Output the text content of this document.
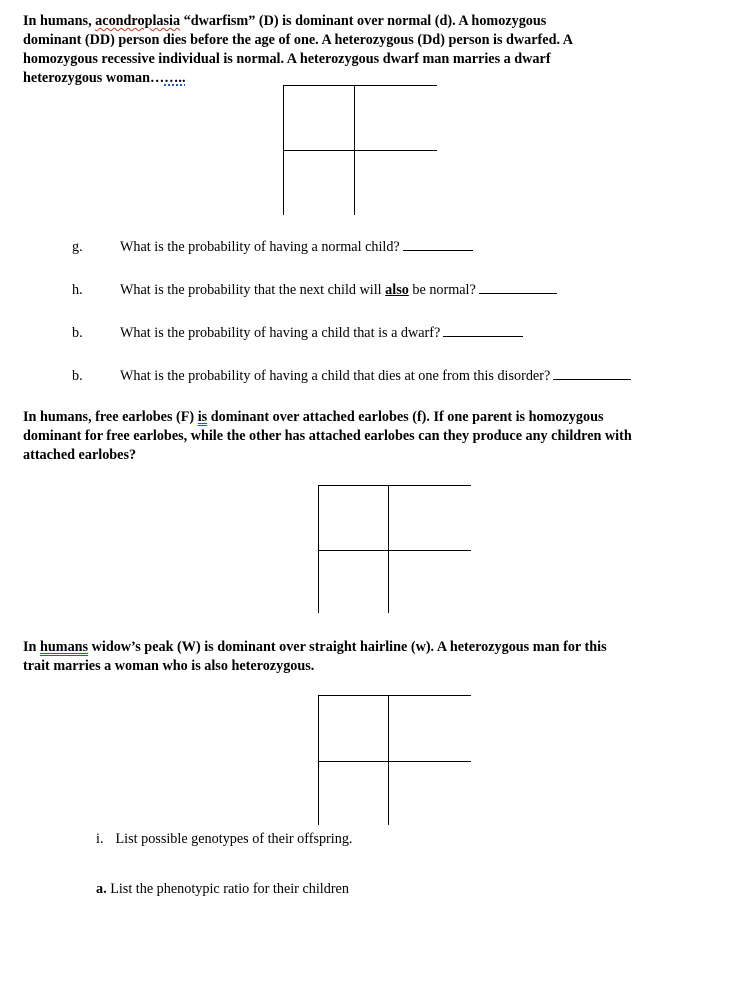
In humans, acondroplasia “dwarfism” (D) is dominant over normal (d). A homozygous

dominant (DD) person dies before the age of one. A heterozygous (Dd) person is dwarfed. A

homozygous recessive individual is normal. A heterozygous dwarf man marries a dwarf

heterozygous woman……..

g.	What is the probability of having a normal child?
h.	What is the probability that the next child will also be normal?
b.	What is the probability of having a child that is a dwarf?
b.	What is the probability of having a child that dies at one from this disorder?

In humans, free earlobes (F) is dominant over attached earlobes (f). If one parent is homozygous

dominant for free earlobes, while the other has attached earlobes can they produce any children with

attached earlobes?

In humans widow’s peak (W) is dominant over straight hairline (w). A heterozygous man for this

trait marries a woman who is also heterozygous.

i. List possible genotypes of their offspring.
a. List the phenotypic ratio for their children
